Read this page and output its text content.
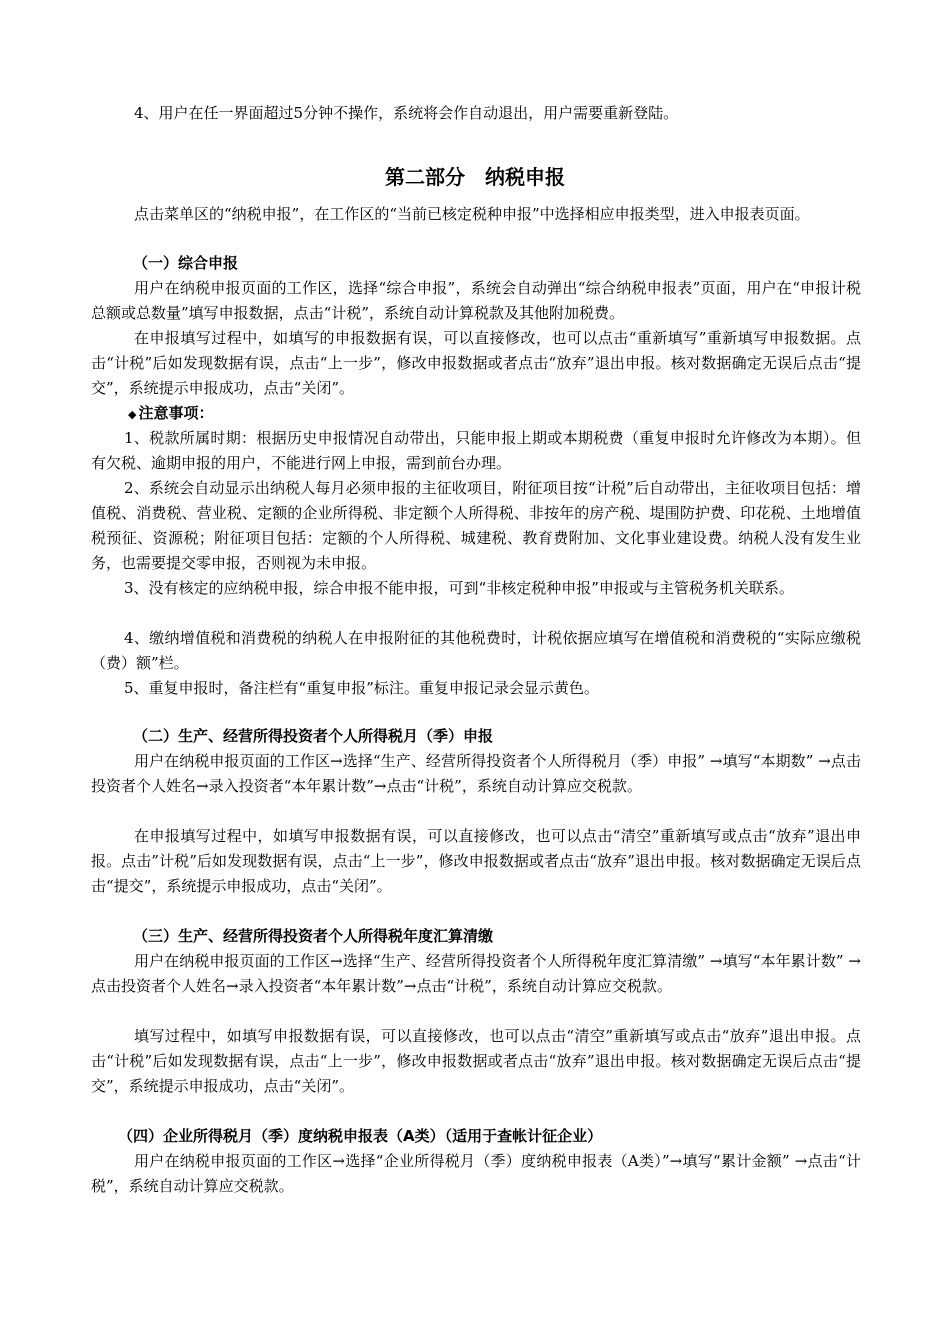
4、用户在任一界面超过5分钟不操作，系统将会作自动退出，用户需要重新登陆。

第二部分　纳税申报

点击菜单区的“纳税申报”，在工作区的“当前已核定税种申报”中选择相应申报类型，进入申报表页面。

（一）综合申报

用户在纳税申报页面的工作区，选择“综合申报”，系统会自动弹出“综合纳税申报表”页面，用户在“申报计税总额或总数量”填写申报数据，点击“计税”，系统自动计算税款及其他附加税费。

在申报填写过程中，如填写的申报数据有误，可以直接修改，也可以点击“重新填写”重新填写申报数据。点击“计税”后如发现数据有误，点击“上一步”，修改申报数据或者点击“放弃”退出申报。核对数据确定无误后点击“提交”，系统提示申报成功，点击“关闭”。

◆ 注意事项：

1、税款所属时期：根据历史申报情况自动带出，只能申报上期或本期税费（重复申报时允许修改为本期）。但有欠税、逾期申报的用户，不能进行网上申报，需到前台办理。

2、系统会自动显示出纳税人每月必须申报的主征收项目，附征项目按“计税”后自动带出，主征收项目包括：增值税、消费税、营业税、定额的企业所得税、非定额个人所得税、非按年的房产税、堤围防护费、印花税、土地增值税预征、资源税；附征项目包括：定额的个人所得税、城建税、教育费附加、文化事业建设费。纳税人没有发生业务，也需要提交零申报，否则视为未申报。

3、没有核定的应纳税申报，综合申报不能申报，可到“非核定税种申报”申报或与主管税务机关联系。

4、缴纳增值税和消费税的纳税人在申报附征的其他税费时，计税依据应填写在增值税和消费税的“实际应缴税（费）额”栏。

5、重复申报时，备注栏有“重复申报”标注。重复申报记录会显示黄色。

（二）生产、经营所得投资者个人所得税月（季）申报

用户在纳税申报页面的工作区→选择“生产、经营所得投资者个人所得税月（季）申报” →填写“本期数” →点击投资者个人姓名→录入投资者“本年累计数”→点击“计税”，系统自动计算应交税款。

在申报填写过程中，如填写申报数据有误，可以直接修改，也可以点击“清空”重新填写或点击“放弃”退出申报。点击”计税”后如发现数据有误，点击“上一步”，修改申报数据或者点击“放弃”退出申报。核对数据确定无误后点击“提交”，系统提示申报成功，点击“关闭”。

（三）生产、经营所得投资者个人所得税年度汇算清缴

用户在纳税申报页面的工作区→选择“生产、经营所得投资者个人所得税年度汇算清缴” →填写“本年累计数” →点击投资者个人姓名→录入投资者“本年累计数”→点击“计税”，系统自动计算应交税款。

填写过程中，如填写申报数据有误，可以直接修改，也可以点击“清空”重新填写或点击“放弃”退出申报。点击“计税”后如发现数据有误，点击“上一步”，修改申报数据或者点击“放弃”退出申报。核对数据确定无误后点击“提交”，系统提示申报成功，点击“关闭”。

（四）企业所得税月（季）度纳税申报表（A类）（适用于查帐计征企业）

用户在纳税申报页面的工作区→选择“企业所得税月（季）度纳税申报表（A类）”→填写“累计金额” →点击“计税”，系统自动计算应交税款。
